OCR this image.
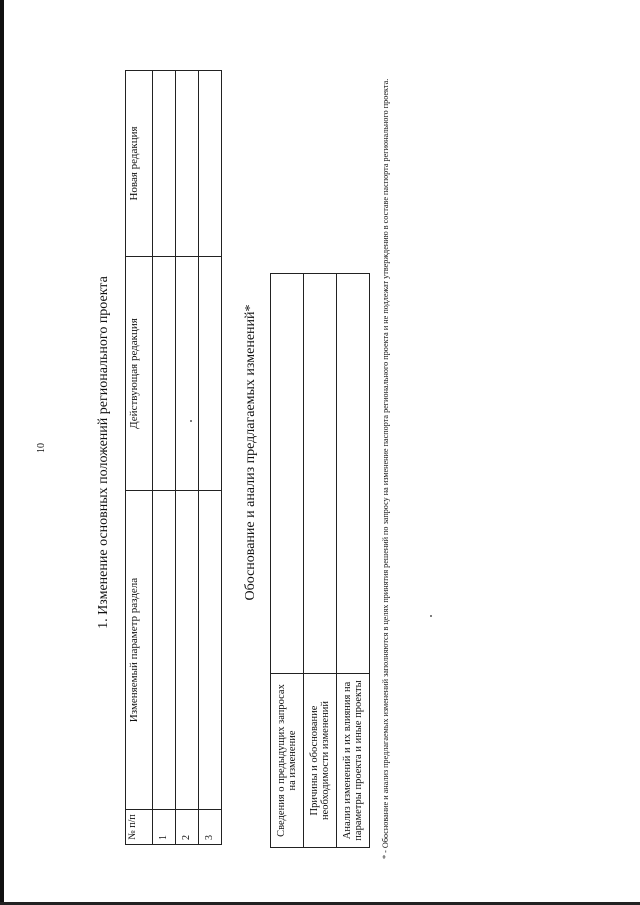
10	1. Изменение основных положений регионального проекта
№ п/п	Изменяемый параметр раздела	Действующая редакция	Новая редакция
1			
2			
3			
Обоснование и анализ предлагаемых изменений*
Сведения о предыдущих запросах на изменение	
Причины и обоснование необходимости изменений	
Анализ изменений и их влияния на параметры проекта и иные проекты		* - Обоснование и анализ предлагаемых изменений заполняются в целях принятия решений по запросу на изменение паспорта регионального проекта и не подлежат утверждению в составе паспорта регионального проекта.
